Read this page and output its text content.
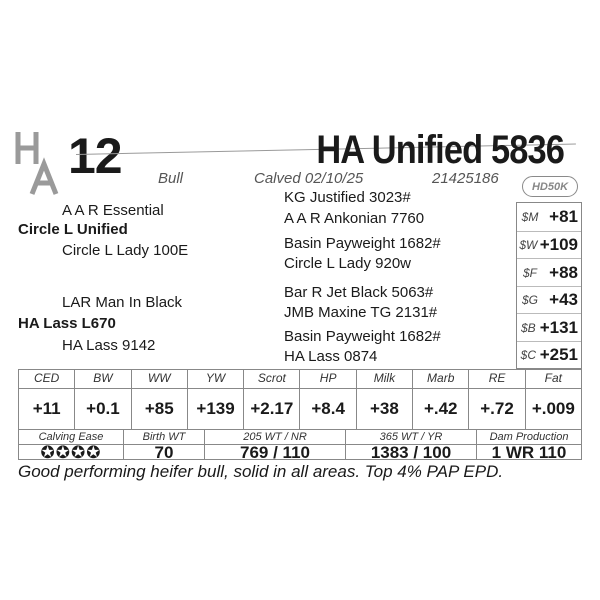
HA 12	HA Unified 5836
Bull	Calved 02/10/25	21425186	HD50K
A A R Essential
Circle L Unified
Circle L Lady 100E
LAR Man In Black
HA Lass L670
HA Lass 9142
KG Justified 3023#
A A R Ankonian 7760
Basin Payweight 1682#
Circle L Lady 920w
Bar R Jet Black 5063#
JMB Maxine TG 2131#
Basin Payweight 1682#
HA Lass 0874
$M +81
$W +109
$F +88
$G +43
$B +131
$C +251
CED	BW	WW	YW	Scrot	HP	Milk	Marb	RE	Fat
+11	+0.1	+85	+139 +2.17	+8.4	+38	+.42	+.72	+.009
Calving Ease	Birth WT	205 WT / NR	365 WT / YR	Dam Production
✪✪✪✪	70	769 / 110	1383 / 100	1 WR 110
Good performing heifer bull, solid in all areas. Top 4% PAP EPD.
